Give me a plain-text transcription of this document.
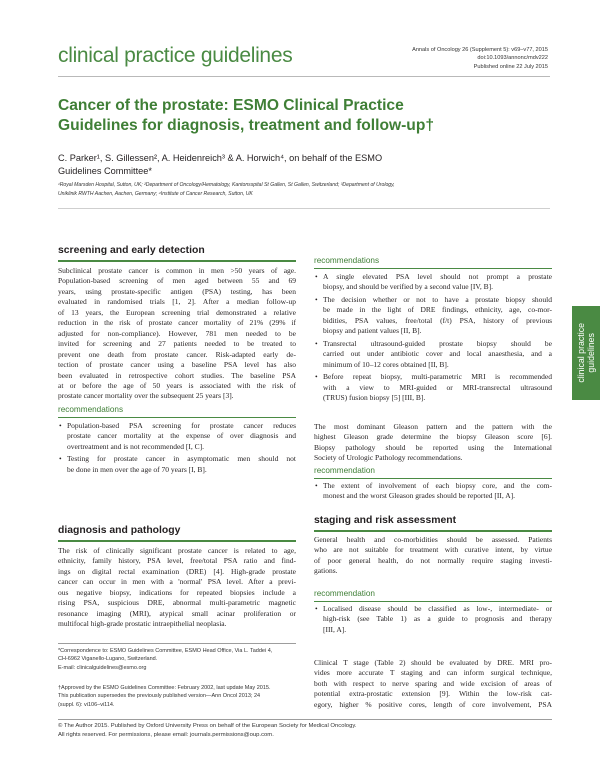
clinical practice guidelines	Annals of Oncology 26 (Supplement 5): v69–v77, 2015
doi:10.1093/annonc/mdv222
Published online 22 July 2015
Cancer of the prostate: ESMO Clinical Practice
Guidelines for diagnosis, treatment and follow-up†
C. Parker¹, S. Gillessen², A. Heidenreich³ & A. Horwich⁴, on behalf of the ESMO
Guidelines Committee*
¹Royal Marsden Hospital, Sutton, UK; ²Department of Oncology/Hematology, Kantonsspital St Gallen, St Gallen, Switzerland; ³Department of Urology,
Uniklinik RWTH Aachen, Aachen, Germany; ⁴Institute of Cancer Research, Sutton, UK
screening and early detection
Subclinical prostate cancer is common in men >50 years of age.
Population-based screening of men aged between 55 and 69
years, using prostate-specific antigen (PSA) testing, has been
evaluated in randomised trials [1, 2]. After a median follow-up
of 13 years, the European screening trial demonstrated a relative
reduction in the risk of prostate cancer mortality of 21% (29% if
adjusted for non-compliance). However, 781 men needed to be
invited for screening and 27 patients needed to be treated to
prevent one death from prostate cancer. Risk-adapted early de-
tection of prostate cancer using a baseline PSA level has also
been evaluated in retrospective cohort studies. The baseline PSA
at or before the age of 50 years is associated with the risk of
prostate cancer mortality over the subsequent 25 years [3].
recommendations
• Population-based PSA screening for prostate cancer reduces
prostate cancer mortality at the expense of over diagnosis and
overtreatment and is not recommended [I, C].
• Testing for prostate cancer in asymptomatic men should not
be done in men over the age of 70 years [I, B].
diagnosis and pathology
The risk of clinically significant prostate cancer is related to age,
ethnicity, family history, PSA level, free/total PSA ratio and find-
ings on digital rectal examination (DRE) [4]. High-grade prostate
cancer can occur in men with a 'normal' PSA level. After a previ-
ous negative biopsy, indications for repeated biopsies include a
rising PSA, suspicious DRE, abnormal multi-parametric magnetic
resonance imaging (MRI), atypical small acinar proliferation or
multifocal high-grade prostatic intraepithelial neoplasia.
*Correspondence to: ESMO Guidelines Committee, ESMO Head Office, Via L. Taddei 4,
CH-6962 Viganello-Lugano, Switzerland.
E-mail: clinicalguidelines@esmo.org
†Approved by the ESMO Guidelines Committee: February 2002, last update May 2015.
This publication supersedes the previously published version—Ann Oncol 2013; 24
(suppl. 6): vi106–vi114.
recommendations
• A single elevated PSA level should not prompt a prostate
biopsy, and should be verified by a second value [IV, B].
• The decision whether or not to have a prostate biopsy should
be made in the light of DRE findings, ethnicity, age, co-mor-
bidities, PSA values, free/total (f/t) PSA, history of previous
biopsy and patient values [II, B].
• Transrectal ultrasound-guided prostate biopsy should be
carried out under antibiotic cover and local anaesthesia, and a
minimum of 10–12 cores obtained [II, B].
• Before repeat biopsy, multi-parametric MRI is recommended
with a view to MRI-guided or MRI-transrectal ultrasound
(TRUS) fusion biopsy [5] [III, B].
The most dominant Gleason pattern and the pattern with the
highest Gleason grade determine the biopsy Gleason score [6].
Biopsy pathology should be reported using the International
Society of Urologic Pathology recommendations.
recommendation
• The extent of involvement of each biopsy core, and the com-
monest and the worst Gleason grades should be reported [II, A].
staging and risk assessment
General health and co-morbidities should be assessed. Patients
who are not suitable for treatment with curative intent, by virtue
of poor general health, do not normally require staging investi-
gations.
recommendation
• Localised disease should be classified as low-, intermediate- or
high-risk (see Table 1) as a guide to prognosis and therapy
[III, A].
Clinical T stage (Table 2) should be evaluated by DRE. MRI pro-
vides more accurate T staging and can inform surgical technique,
both with respect to nerve sparing and wide excision of areas of
potential extra-prostatic extension [9]. Within the low-risk cat-
egory, higher % positive cores, length of core involvement, PSA
clinical practice guidelines
© The Author 2015. Published by Oxford University Press on behalf of the European Society for Medical Oncology.
All rights reserved. For permissions, please email: journals.permissions@oup.com.
